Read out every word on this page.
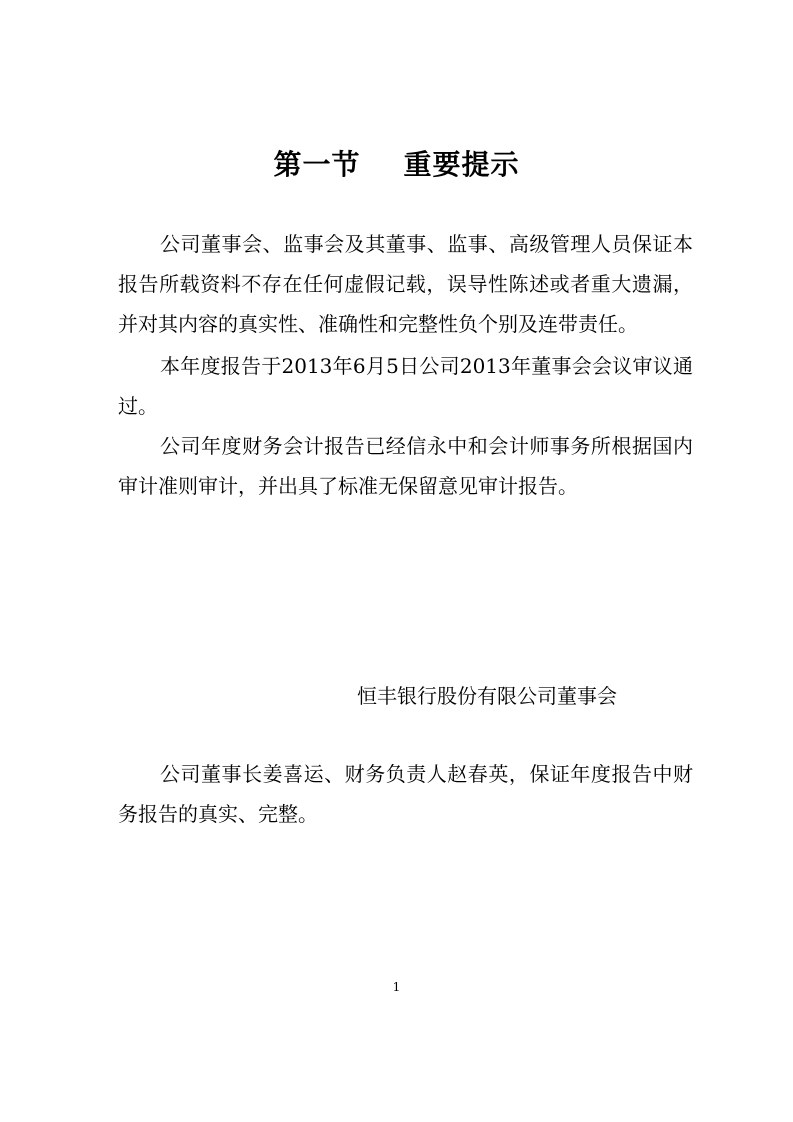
第一节    重要提示
公司董事会、监事会及其董事、监事、高级管理人员保证本报告所载资料不存在任何虚假记载，误导性陈述或者重大遗漏，并对其内容的真实性、准确性和完整性负个别及连带责任。
本年度报告于2013年6月5日公司2013年董事会会议审议通过。
公司年度财务会计报告已经信永中和会计师事务所根据国内审计准则审计，并出具了标准无保留意见审计报告。
恒丰银行股份有限公司董事会
公司董事长姜喜运、财务负责人赵春英，保证年度报告中财务报告的真实、完整。
1
